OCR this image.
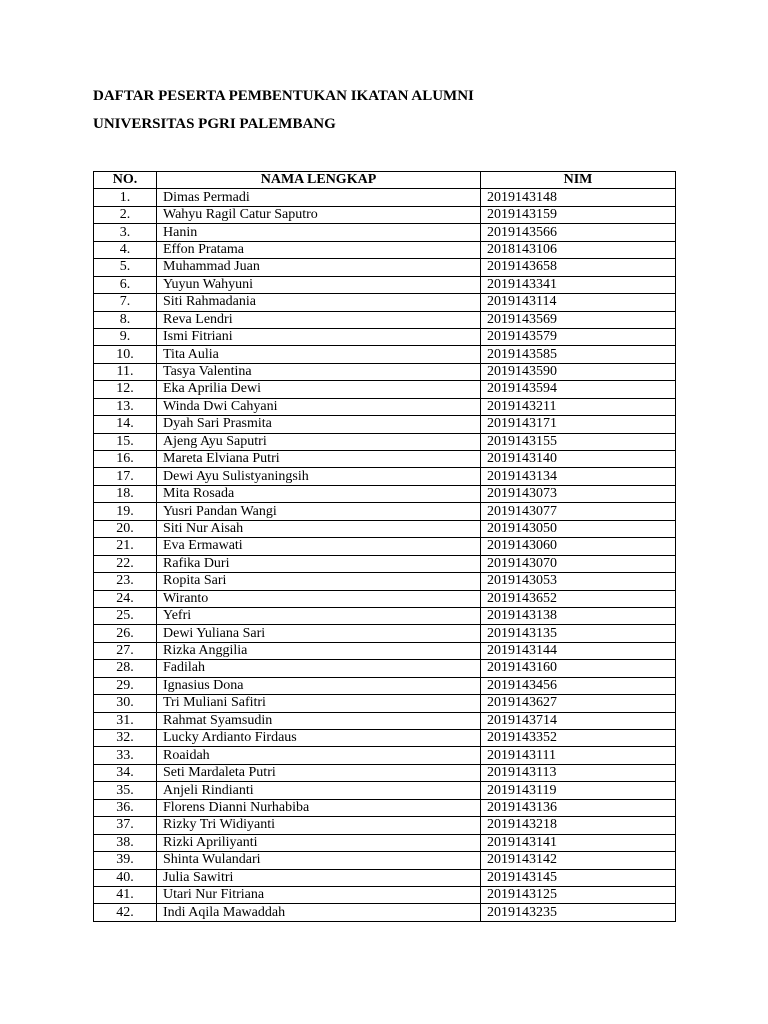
DAFTAR PESERTA PEMBENTUKAN IKATAN ALUMNI
UNIVERSITAS PGRI PALEMBANG
NO.	NAMA LENGKAP	NIM
1.	Dimas Permadi	2019143148
2.	Wahyu Ragil Catur Saputro	2019143159
3.	Hanin	2019143566
4.	Effon Pratama	2018143106
5.	Muhammad Juan	2019143658
6.	Yuyun Wahyuni	2019143341
7.	Siti Rahmadania	2019143114
8.	Reva Lendri	2019143569
9.	Ismi Fitriani	2019143579
10.	Tita Aulia	2019143585
11.	Tasya Valentina	2019143590
12.	Eka Aprilia Dewi	2019143594
13.	Winda Dwi Cahyani	2019143211
14.	Dyah Sari Prasmita	2019143171
15.	Ajeng Ayu Saputri	2019143155
16.	Mareta Elviana Putri	2019143140
17.	Dewi Ayu Sulistyaningsih	2019143134
18.	Mita Rosada	2019143073
19.	Yusri Pandan Wangi	2019143077
20.	Siti Nur Aisah	2019143050
21.	Eva Ermawati	2019143060
22.	Rafika Duri	2019143070
23.	Ropita Sari	2019143053
24.	Wiranto	2019143652
25.	Yefri	2019143138
26.	Dewi Yuliana Sari	2019143135
27.	Rizka Anggilia	2019143144
28.	Fadilah	2019143160
29.	Ignasius Dona	2019143456
30.	Tri Muliani Safitri	2019143627
31.	Rahmat Syamsudin	2019143714
32.	Lucky Ardianto Firdaus	2019143352
33.	Roaidah	2019143111
34.	Seti Mardaleta Putri	2019143113
35.	Anjeli Rindianti	2019143119
36.	Florens Dianni Nurhabiba	2019143136
37.	Rizky Tri Widiyanti	2019143218
38.	Rizki Apriliyanti	2019143141
39.	Shinta Wulandari	2019143142
40.	Julia Sawitri	2019143145
41.	Utari Nur Fitriana	2019143125
42.	Indi Aqila Mawaddah	2019143235
